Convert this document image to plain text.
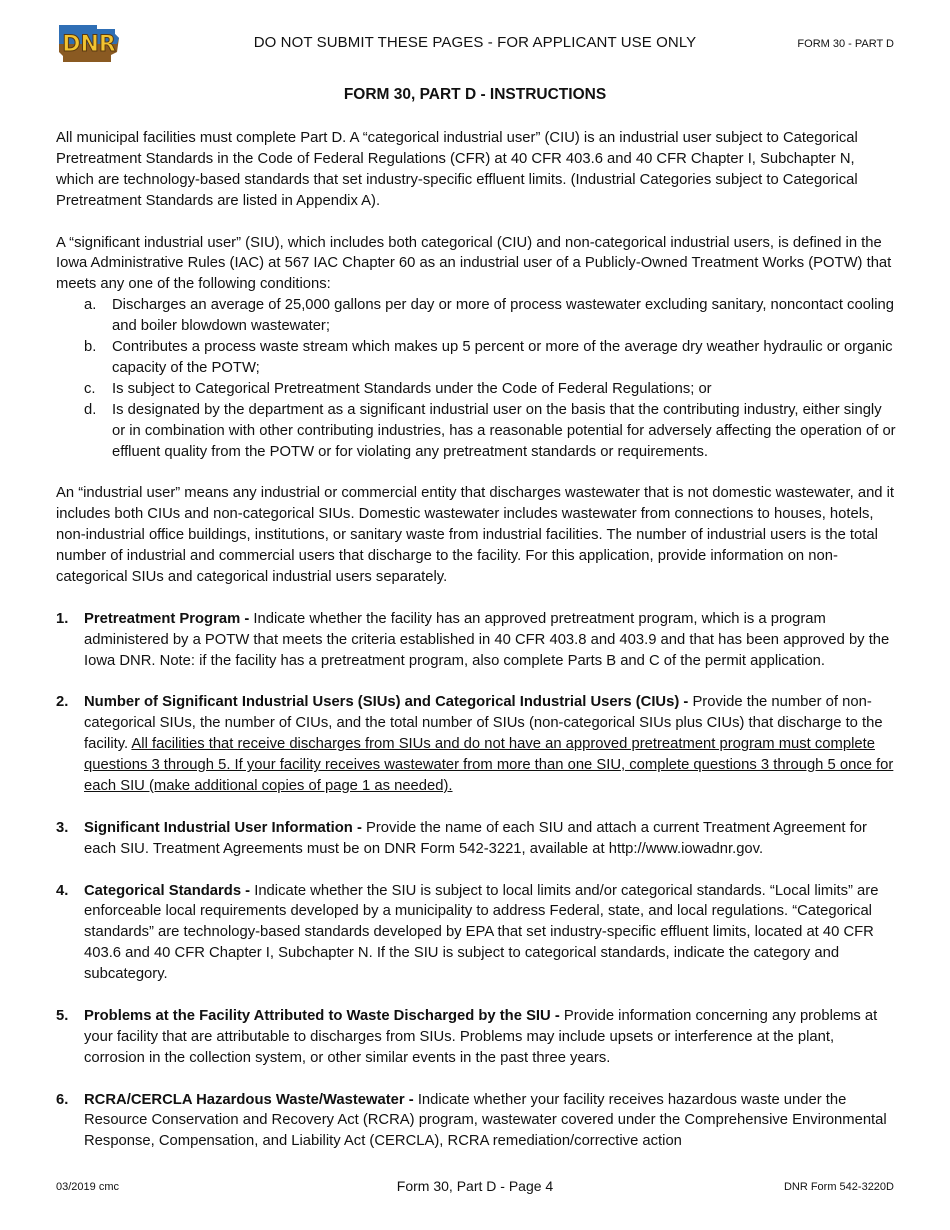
DNR	DO NOT SUBMIT THESE PAGES - FOR APPLICANT USE ONLY	FORM 30 - PART D
FORM 30, PART D - INSTRUCTIONS

All municipal facilities must complete Part D. A “categorical industrial user” (CIU) is an industrial user subject to Categorical Pretreatment Standards in the Code of Federal Regulations (CFR) at 40 CFR 403.6 and 40 CFR Chapter I, Subchapter N, which are technology-based standards that set industry-specific effluent limits. (Industrial Categories subject to Categorical Pretreatment Standards are listed in Appendix A).

A “significant industrial user” (SIU), which includes both categorical (CIU) and non-categorical industrial users, is defined in the Iowa Administrative Rules (IAC) at 567 IAC Chapter 60 as an industrial user of a Publicly-Owned Treatment Works (POTW) that meets any one of the following conditions:

a. Discharges an average of 25,000 gallons per day or more of process wastewater excluding sanitary, noncontact cooling and boiler blowdown wastewater;
b. Contributes a process waste stream which makes up 5 percent or more of the average dry weather hydraulic or organic capacity of the POTW;
c. Is subject to Categorical Pretreatment Standards under the Code of Federal Regulations; or
d. Is designated by the department as a significant industrial user on the basis that the contributing industry, either singly or in combination with other contributing industries, has a reasonable potential for adversely affecting the operation of or effluent quality from the POTW or for violating any pretreatment standards or requirements.

An “industrial user” means any industrial or commercial entity that discharges wastewater that is not domestic wastewater, and it includes both CIUs and non-categorical SIUs. Domestic wastewater includes wastewater from connections to houses, hotels, non-industrial office buildings, institutions, or sanitary waste from industrial facilities. The number of industrial users is the total number of industrial and commercial users that discharge to the facility. For this application, provide information on non-categorical SIUs and categorical industrial users separately.

1. Pretreatment Program - Indicate whether the facility has an approved pretreatment program, which is a program administered by a POTW that meets the criteria established in 40 CFR 403.8 and 403.9 and that has been approved by the Iowa DNR. Note: if the facility has a pretreatment program, also complete Parts B and C of the permit application.
2. Number of Significant Industrial Users (SIUs) and Categorical Industrial Users (CIUs) - Provide the number of non-categorical SIUs, the number of CIUs, and the total number of SIUs (non-categorical SIUs plus CIUs) that discharge to the facility. All facilities that receive discharges from SIUs and do not have an approved pretreatment program must complete questions 3 through 5. If your facility receives wastewater from more than one SIU, complete questions 3 through 5 once for each SIU (make additional copies of page 1 as needed).
3. Significant Industrial User Information - Provide the name of each SIU and attach a current Treatment Agreement for each SIU. Treatment Agreements must be on DNR Form 542-3221, available at http://www.iowadnr.gov.
4. Categorical Standards - Indicate whether the SIU is subject to local limits and/or categorical standards. “Local limits” are enforceable local requirements developed by a municipality to address Federal, state, and local regulations. “Categorical standards” are technology-based standards developed by EPA that set industry-specific effluent limits, located at 40 CFR 403.6 and 40 CFR Chapter I, Subchapter N. If the SIU is subject to categorical standards, indicate the category and subcategory.
5. Problems at the Facility Attributed to Waste Discharged by the SIU - Provide information concerning any problems at your facility that are attributable to discharges from SIUs. Problems may include upsets or interference at the plant, corrosion in the collection system, or other similar events in the past three years.
6. RCRA/CERCLA Hazardous Waste/Wastewater - Indicate whether your facility receives hazardous waste under the Resource Conservation and Recovery Act (RCRA) program, wastewater covered under the Comprehensive Environmental Response, Compensation, and Liability Act (CERCLA), RCRA remediation/corrective action
03/2019 cmc	Form 30, Part D - Page 4	DNR Form 542-3220D
